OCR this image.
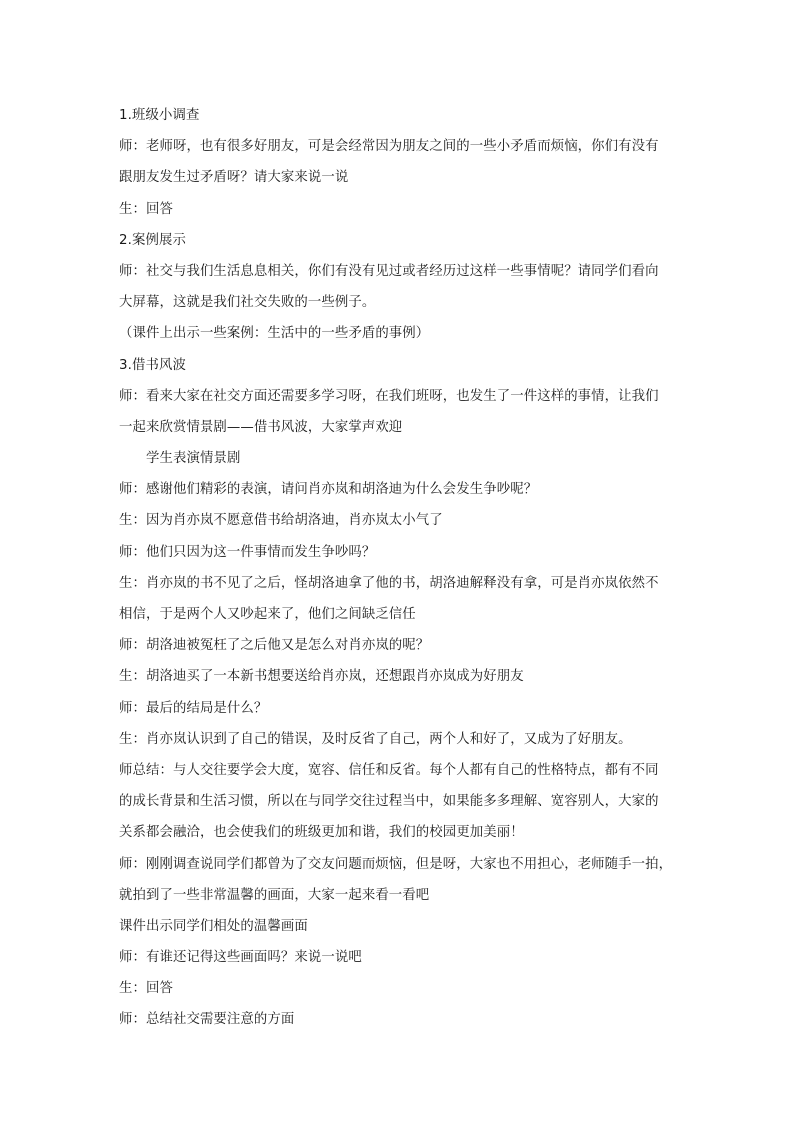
1.班级小调查
师：老师呀，也有很多好朋友，可是会经常因为朋友之间的一些小矛盾而烦恼，你们有没有
跟朋友发生过矛盾呀？请大家来说一说
生：回答
2.案例展示
师：社交与我们生活息息相关，你们有没有见过或者经历过这样一些事情呢？请同学们看向
大屏幕，这就是我们社交失败的一些例子。
（课件上出示一些案例：生活中的一些矛盾的事例）
3.借书风波
师：看来大家在社交方面还需要多学习呀，在我们班呀，也发生了一件这样的事情，让我们
一起来欣赏情景剧——借书风波，大家掌声欢迎
学生表演情景剧
师：感谢他们精彩的表演，请问肖亦岚和胡洛迪为什么会发生争吵呢？
生：因为肖亦岚不愿意借书给胡洛迪，肖亦岚太小气了
师：他们只因为这一件事情而发生争吵吗？
生：肖亦岚的书不见了之后，怪胡洛迪拿了他的书，胡洛迪解释没有拿，可是肖亦岚依然不
相信，于是两个人又吵起来了，他们之间缺乏信任
师：胡洛迪被冤枉了之后他又是怎么对肖亦岚的呢？
生：胡洛迪买了一本新书想要送给肖亦岚，还想跟肖亦岚成为好朋友
师：最后的结局是什么？
生：肖亦岚认识到了自己的错误，及时反省了自己，两个人和好了，又成为了好朋友。
师总结：与人交往要学会大度，宽容、信任和反省。每个人都有自己的性格特点，都有不同
的成长背景和生活习惯，所以在与同学交往过程当中，如果能多多理解、宽容别人，大家的
关系都会融洽，也会使我们的班级更加和谐，我们的校园更加美丽！
师：刚刚调查说同学们都曾为了交友问题而烦恼，但是呀，大家也不用担心，老师随手一拍，
就拍到了一些非常温馨的画面，大家一起来看一看吧
课件出示同学们相处的温馨画面
师：有谁还记得这些画面吗？来说一说吧
生：回答
师：总结社交需要注意的方面
